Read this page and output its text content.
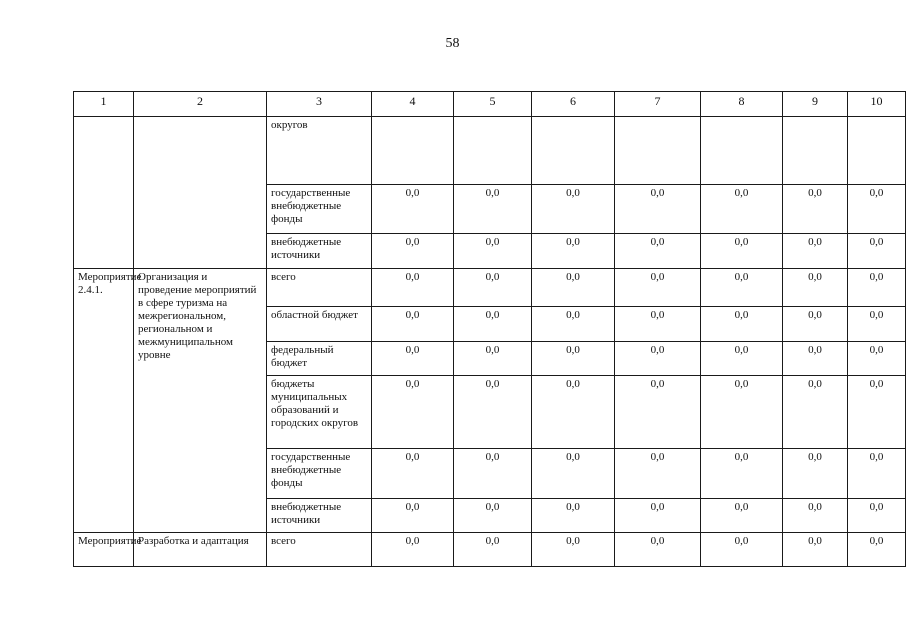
58
1	2	3	4	5	6	7	8	9	10
		округов							
		государственные внебюджетные фонды	0,0	0,0	0,0	0,0	0,0	0,0	0,0
		внебюджетные источники	0,0	0,0	0,0	0,0	0,0	0,0	0,0
Мероприятие 2.4.1.	Организация и проведение мероприятий в сфере туризма на межрегиональном, региональном и межмуниципальном уровне	всего	0,0	0,0	0,0	0,0	0,0	0,0	0,0
		областной бюджет	0,0	0,0	0,0	0,0	0,0	0,0	0,0
		федеральный бюджет	0,0	0,0	0,0	0,0	0,0	0,0	0,0
		бюджеты муниципальных образований и городских округов	0,0	0,0	0,0	0,0	0,0	0,0	0,0
		государственные внебюджетные фонды	0,0	0,0	0,0	0,0	0,0	0,0	0,0
		внебюджетные источники	0,0	0,0	0,0	0,0	0,0	0,0	0,0
Мероприятие	Разработка и адаптация	всего	0,0	0,0	0,0	0,0	0,0	0,0	0,0
